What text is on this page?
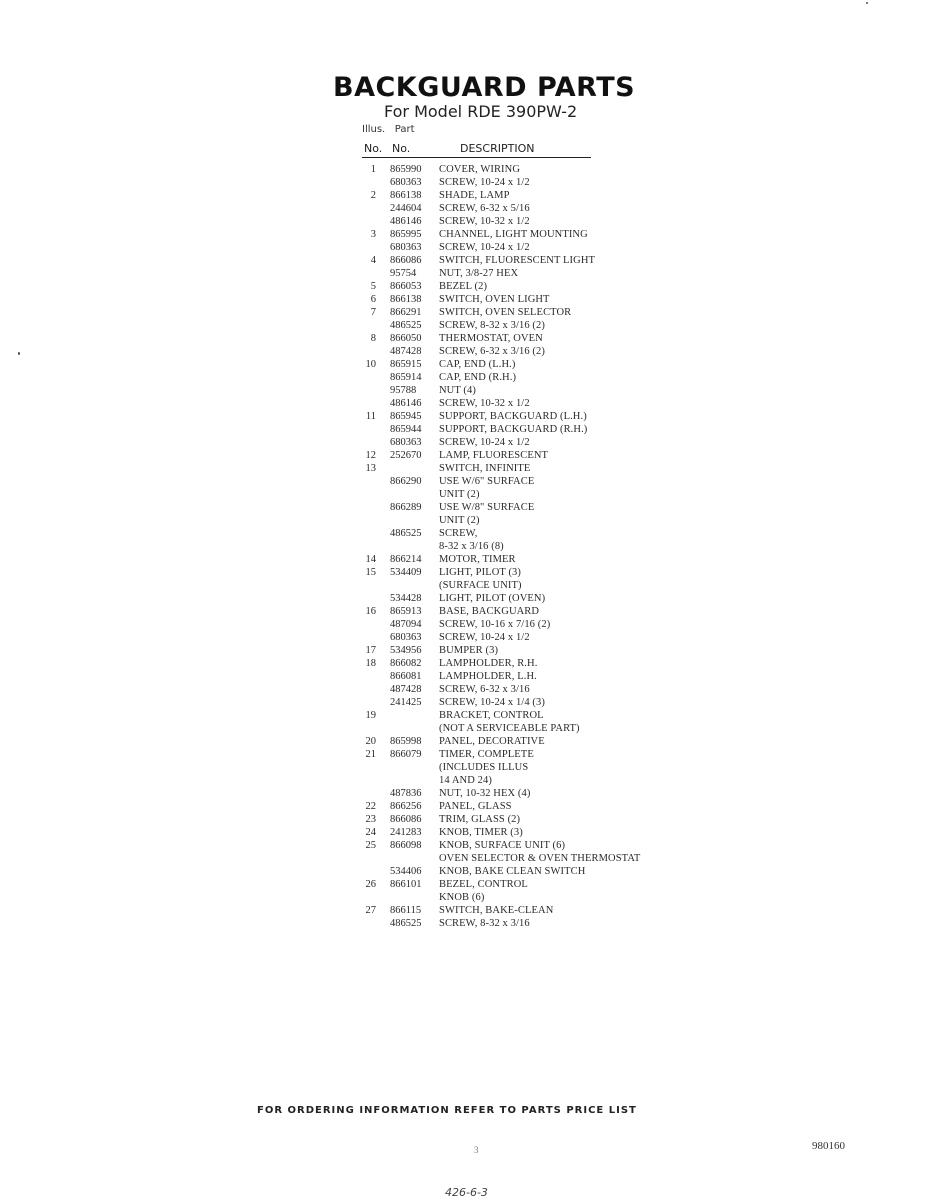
BACKGUARD PARTS
For Model RDE 390PW-2
Illus. Part
No. No.	DESCRIPTION
1 865990 COVER, WIRING
680363 SCREW, 10-24 x 1/2
2 866138 SHADE, LAMP
244604 SCREW, 6-32 x 5/16
486146 SCREW, 10-32 x 1/2
3 865995 CHANNEL, LIGHT MOUNTING
680363 SCREW, 10-24 x 1/2
4 866086 SWITCH, FLUORESCENT LIGHT
95754 NUT, 3/8-27 HEX
5 866053 BEZEL (2)
6 866138 SWITCH, OVEN LIGHT
7 866291 SWITCH, OVEN SELECTOR
486525 SCREW, 8-32 x 3/16 (2)
8 866050 THERMOSTAT, OVEN
487428 SCREW, 6-32 x 3/16 (2)
10 865915 CAP, END (L.H.)
865914 CAP, END (R.H.)
95788 NUT (4)
486146 SCREW, 10-32 x 1/2
11 865945 SUPPORT, BACKGUARD (L.H.)
865944 SUPPORT, BACKGUARD (R.H.)
680363 SCREW, 10-24 x 1/2
12 252670 LAMP, FLUORESCENT
13	SWITCH, INFINITE
866290 USE W/6" SURFACE
UNIT (2)
866289 USE W/8" SURFACE
UNIT (2)
486525 SCREW,
8-32 x 3/16 (8)
14 866214 MOTOR, TIMER
15 534409 LIGHT, PILOT (3)
(SURFACE UNIT)
534428 LIGHT, PILOT (OVEN)
16 865913 BASE, BACKGUARD
487094 SCREW, 10-16 x 7/16 (2)
680363 SCREW, 10-24 x 1/2
17 534956 BUMPER (3)
18 866082 LAMPHOLDER, R.H.
866081 LAMPHOLDER, L.H.
487428 SCREW, 6-32 x 3/16
241425 SCREW, 10-24 x 1/4 (3)
19	BRACKET, CONTROL
(NOT A SERVICEABLE PART)
20 865998 PANEL, DECORATIVE
21 866079 TIMER, COMPLETE
(INCLUDES ILLUS
14 AND 24)
487836 NUT, 10-32 HEX (4)
22 866256 PANEL, GLASS
23 866086 TRIM, GLASS (2)
24 241283 KNOB, TIMER (3)
25 866098 KNOB, SURFACE UNIT (6)
OVEN SELECTOR & OVEN THERMOSTAT
534406 KNOB, BAKE CLEAN SWITCH
26 866101 BEZEL, CONTROL
KNOB (6)
27 866115 SWITCH, BAKE-CLEAN
486525 SCREW, 8-32 x 3/16
FOR ORDERING INFORMATION REFER TO PARTS PRICE LIST
3	980160
426-6-3
